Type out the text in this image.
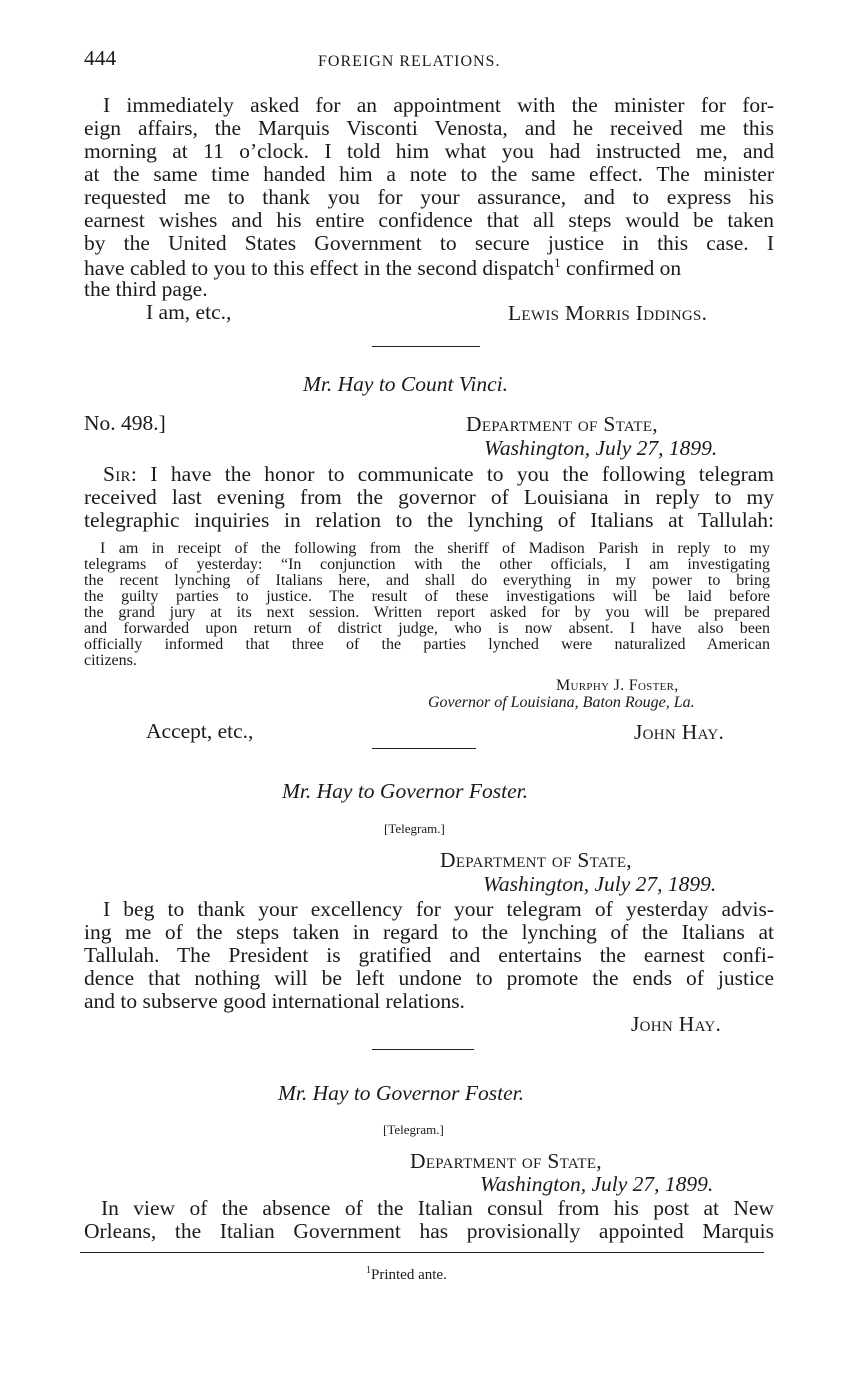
444	FOREIGN RELATIONS.
I immediately asked for an appointment with the minister for for-
eign affairs, the Marquis Visconti Venosta, and he received me this
morning at 11 o’clock. I told him what you had instructed me, and
at the same time handed him a note to the same effect. The minister
requested me to thank you for your assurance, and to express his
earnest wishes and his entire confidence that all steps would be taken
by the United States Government to secure justice in this case. I
have cabled to you to this effect in the second dispatch$^1$ confirmed on
the third page.
I am, etc.,	Lewis Morris Iddings.
Mr. Hay to Count Vinci.
No. 498.]	Department of State,
Washington, July 27, 1899.
Sir: I have the honor to communicate to you the following telegram
received last evening from the governor of Louisiana in reply to my
telegraphic inquiries in relation to the lynching of Italians at Tallulah:
I am in receipt of the following from the sheriff of Madison Parish in reply to my
telegrams of yesterday: “In conjunction with the other officials, I am investigating
the recent lynching of Italians here, and shall do everything in my power to bring
the guilty parties to justice. The result of these investigations will be laid before
the grand jury at its next session. Written report asked for by you will be prepared
and forwarded upon return of district judge, who is now absent. I have also been
officially informed that three of the parties lynched were naturalized American
citizens.
Murphy J. Foster,
Governor of Louisiana, Baton Rouge, La.
Accept, etc.,	John Hay.
Mr. Hay to Governor Foster.
[Telegram.]
Department of State,
Washington, July 27, 1899.
I beg to thank your excellency for your telegram of yesterday advis-
ing me of the steps taken in regard to the lynching of the Italians at
Tallulah. The President is gratified and entertains the earnest confi-
dence that nothing will be left undone to promote the ends of justice
and to subserve good international relations.
John Hay.
Mr. Hay to Governor Foster.
[Telegram.]
Department of State,
Washington, July 27, 1899.
In view of the absence of the Italian consul from his post at New
Orleans, the Italian Government has provisionally appointed Marquis
$^1$Printed ante.
